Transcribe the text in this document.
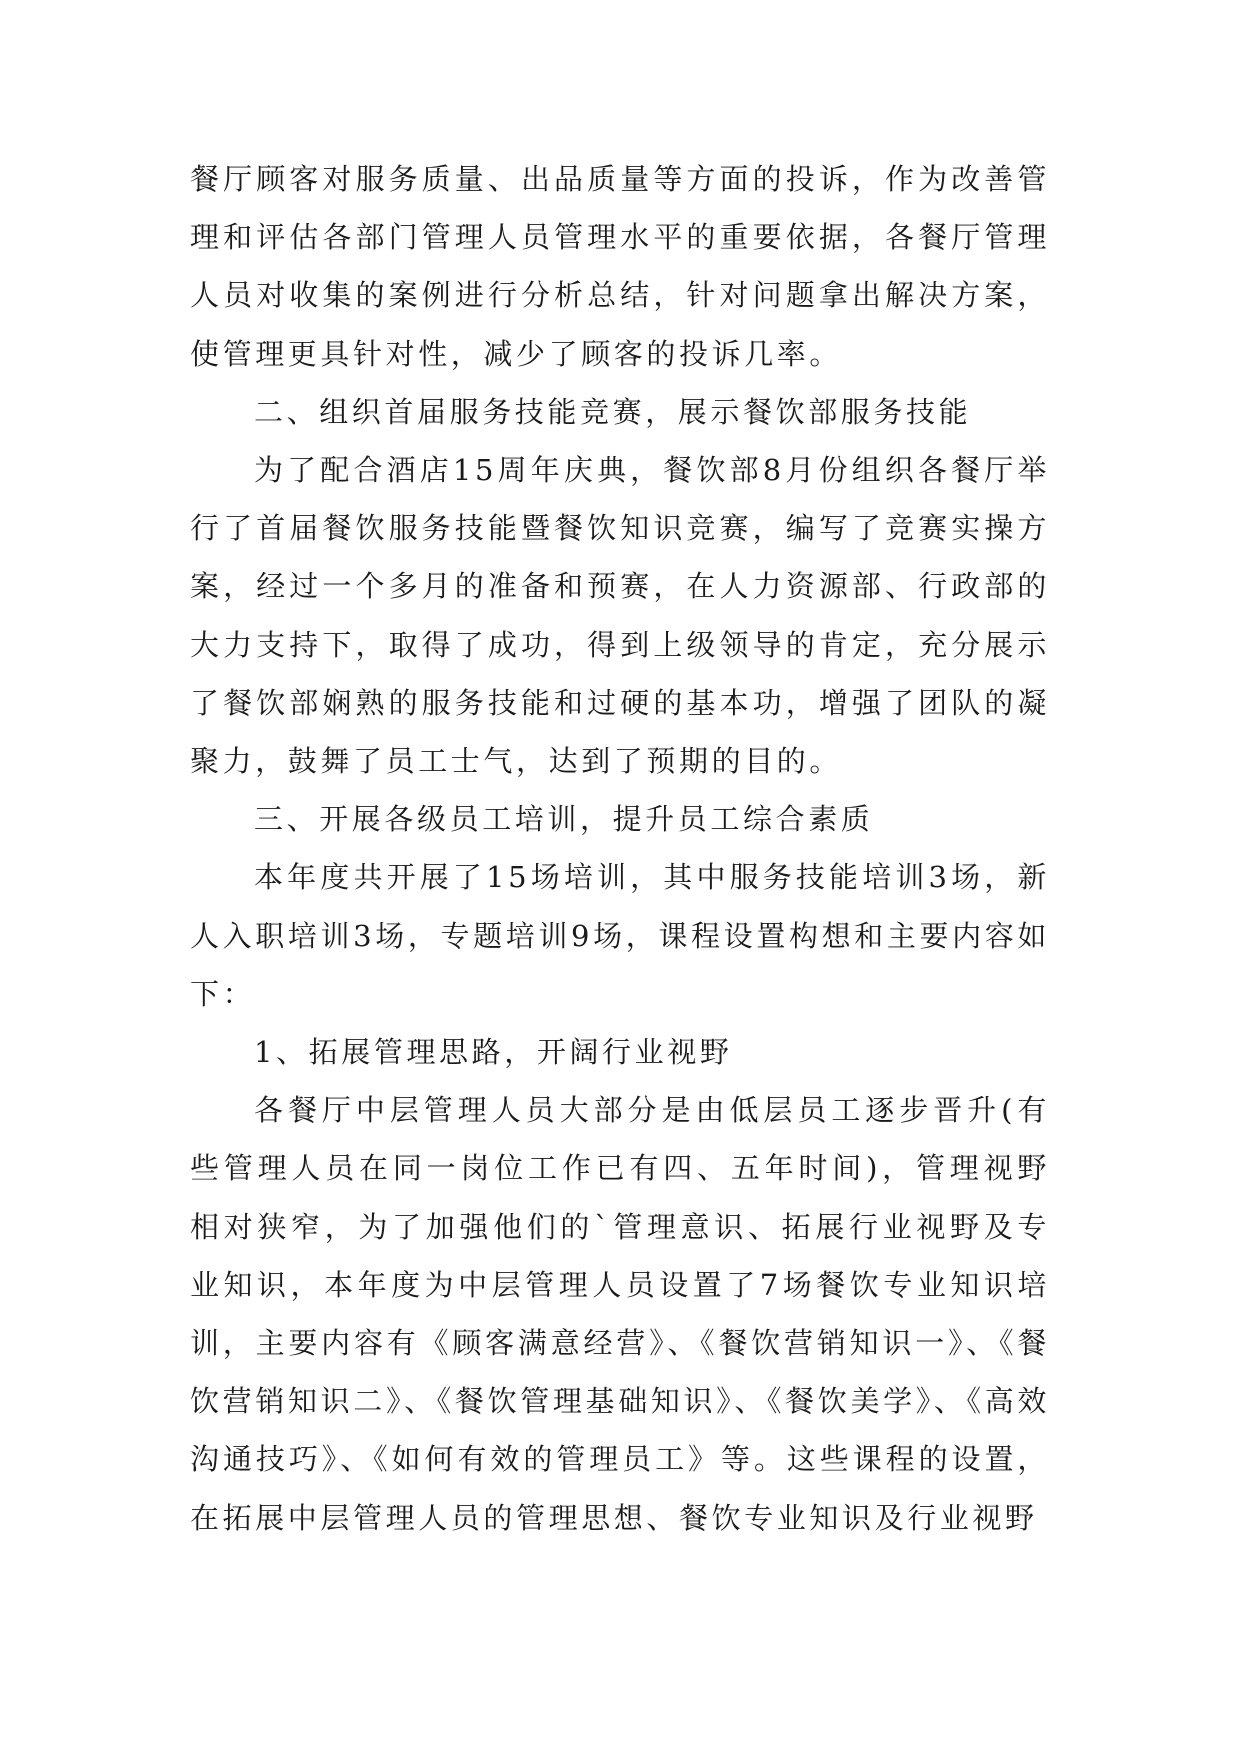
餐厅顾客对服务质量、出品质量等方面的投诉，作为改善管理和评估各部门管理人员管理水平的重要依据，各餐厅管理人员对收集的案例进行分析总结，针对问题拿出解决方案，使管理更具针对性，减少了顾客的投诉几率。

二、组织首届服务技能竞赛，展示餐饮部服务技能

为了配合酒店15周年庆典，餐饮部8月份组织各餐厅举行了首届餐饮服务技能暨餐饮知识竞赛，编写了竞赛实操方案，经过一个多月的准备和预赛，在人力资源部、行政部的大力支持下，取得了成功，得到上级领导的肯定，充分展示了餐饮部娴熟的服务技能和过硬的基本功，增强了团队的凝聚力，鼓舞了员工士气，达到了预期的目的。

三、开展各级员工培训，提升员工综合素质

本年度共开展了15场培训，其中服务技能培训3场，新人入职培训3场，专题培训9场，课程设置构想和主要内容如下：

1、拓展管理思路，开阔行业视野

各餐厅中层管理人员大部分是由低层员工逐步晋升(有些管理人员在同一岗位工作已有四、五年时间)，管理视野相对狭窄，为了加强他们的`管理意识、拓展行业视野及专业知识，本年度为中层管理人员设置了7场餐饮专业知识培训，主要内容有《顾客满意经营》、《餐饮营销知识一》、《餐饮营销知识二》、《餐饮管理基础知识》、《餐饮美学》、《高效沟通技巧》、《如何有效的管理员工》等。这些课程的设置，在拓展中层管理人员的管理思想、餐饮专业知识及行业视野
